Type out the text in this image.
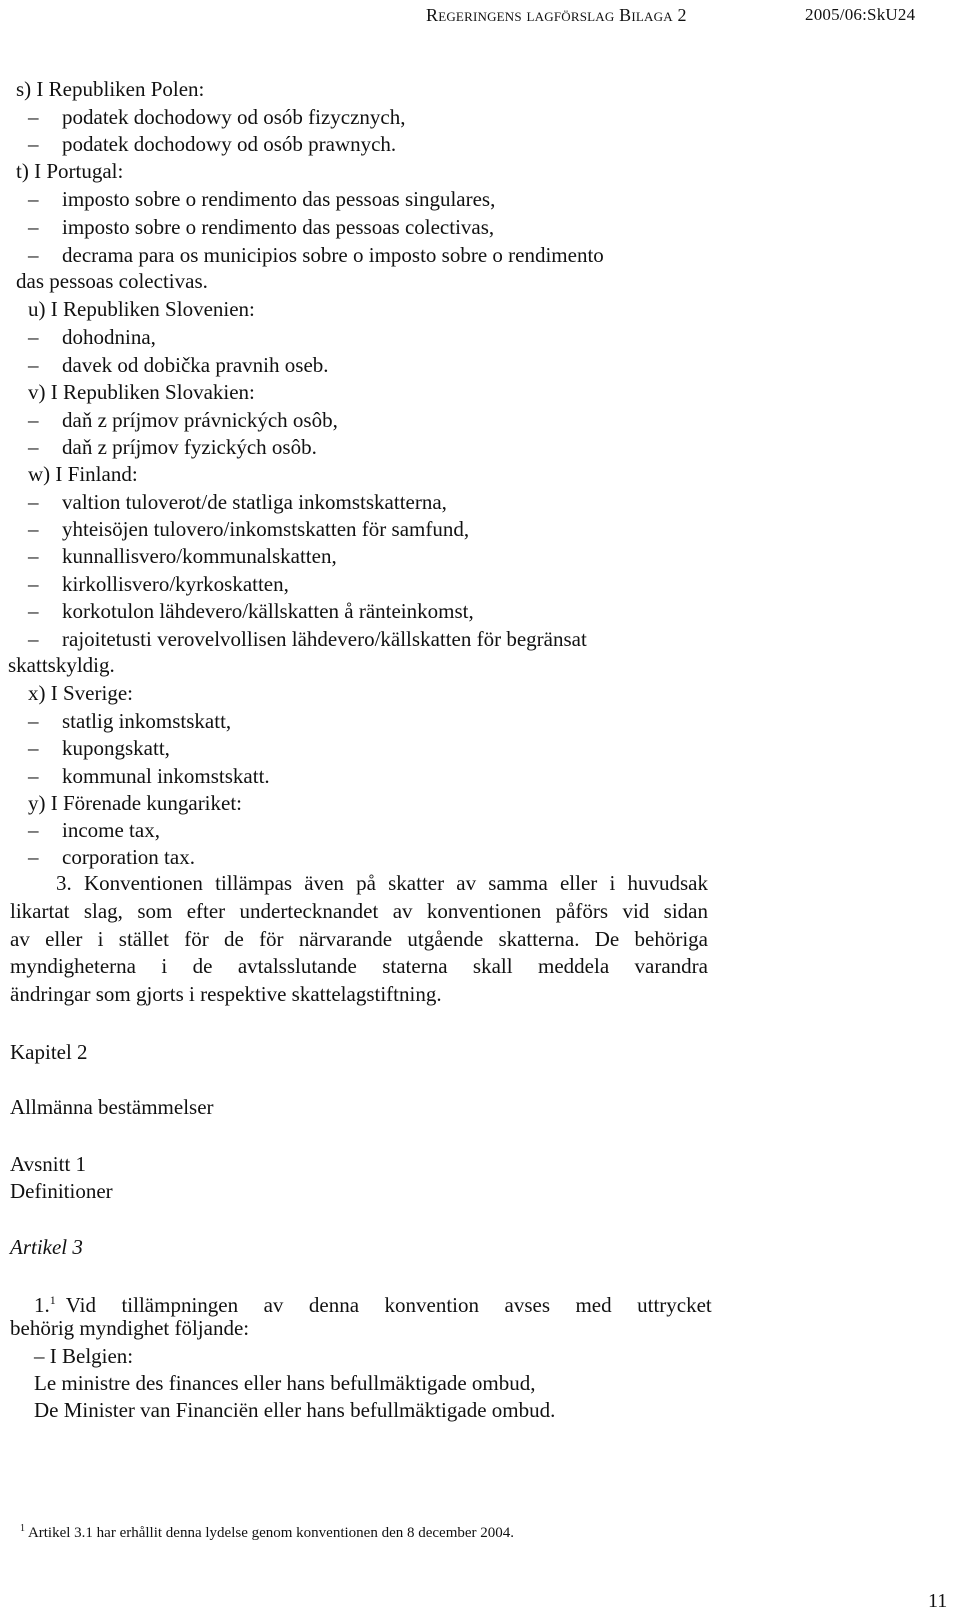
Regeringens lagförslag Bilaga 2	2005/06:SkU24
s) I Republiken Polen:
– podatek dochodowy od osób fizycznych,
– podatek dochodowy od osób prawnych.
t) I Portugal:
– imposto sobre o rendimento das pessoas singulares,
– imposto sobre o rendimento das pessoas colectivas,
– decrama para os municipios sobre o imposto sobre o rendimento
das pessoas colectivas.
u) I Republiken Slovenien:
– dohodnina,
– davek od dobička pravnih oseb.
v) I Republiken Slovakien:
– daň z príjmov právnických osôb,
– daň z príjmov fyzických osôb.
w) I Finland:
– valtion tuloverot/de statliga inkomstskatterna,
– yhteisöjen tulovero/inkomstskatten för samfund,
– kunnallisvero/kommunalskatten,
– kirkollisvero/kyrkoskatten,
– korkotulon lähdevero/källskatten å ränteinkomst,
– rajoitetusti verovelvollisen lähdevero/källskatten för begränsat
skattskyldig.
x) I Sverige:
– statlig inkomstskatt,
– kupongskatt,
– kommunal inkomstskatt.
y) I Förenade kungariket:
– income tax,
– corporation tax.
3. Konventionen tillämpas även på skatter av samma eller i huvudsak
likartat slag, som efter undertecknandet av konventionen påförs vid sidan
av eller i stället för de för närvarande utgående skatterna. De behöriga
myndigheterna i de avtalsslutande staterna skall meddela varandra
ändringar som gjorts i respektive skattelagstiftning.
Kapitel 2
Allmänna bestämmelser
Avsnitt 1
Definitioner
Artikel 3
1.$^1$ Vid tillämpningen av denna konvention avses med uttrycket
behörig myndighet följande:
– I Belgien:
Le ministre des finances eller hans befullmäktigade ombud,
De Minister van Financiën eller hans befullmäktigade ombud.
$^1$ Artikel 3.1 har erhållit denna lydelse genom konventionen den 8 december 2004.
11
